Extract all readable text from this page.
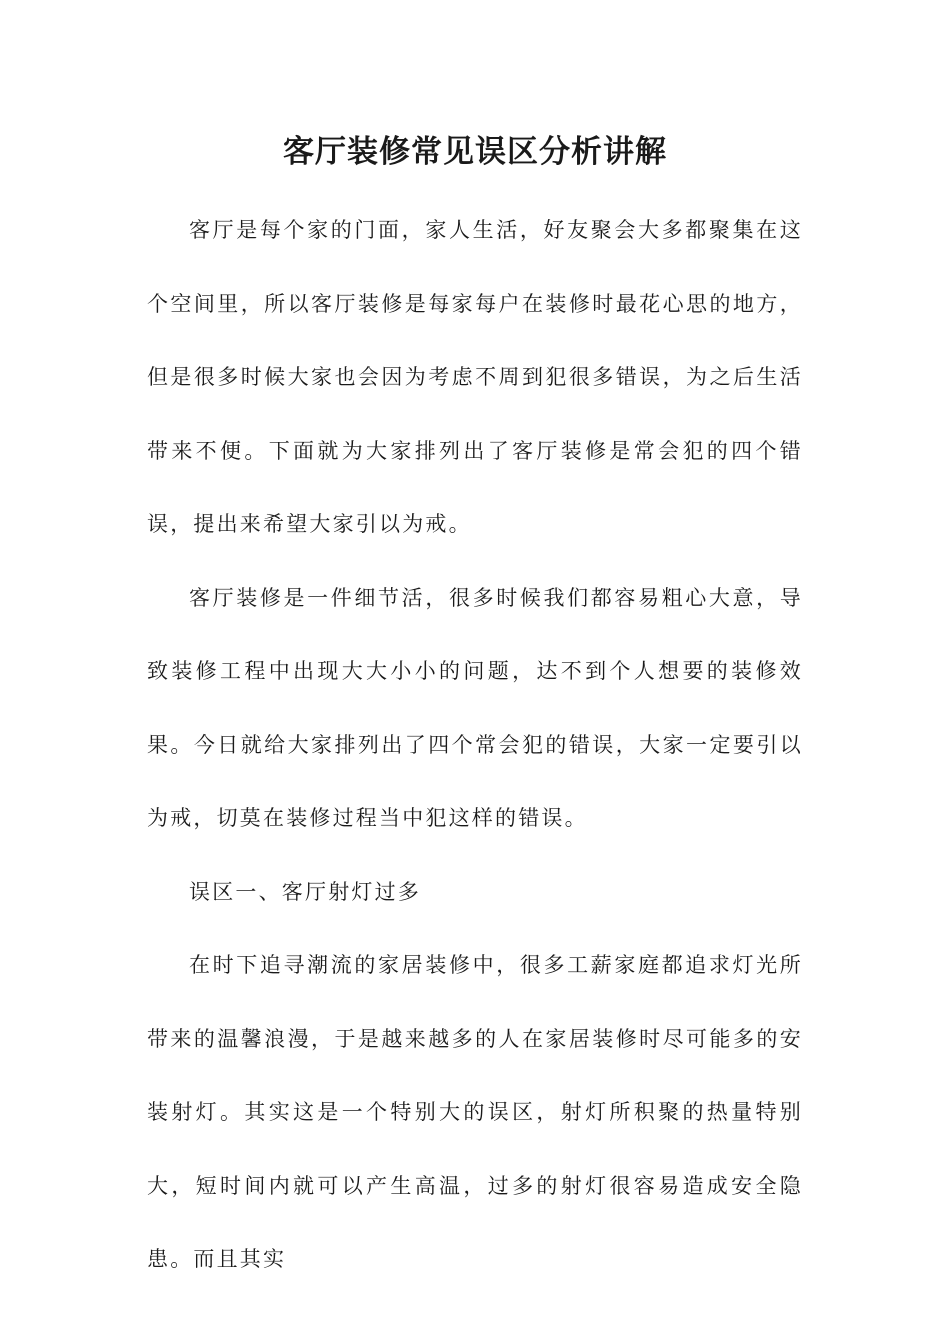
客厅装修常见误区分析讲解

客厅是每个家的门面，家人生活，好友聚会大多都聚集在这个空间里，所以客厅装修是每家每户在装修时最花心思的地方，但是很多时候大家也会因为考虑不周到犯很多错误，为之后生活带来不便。下面就为大家排列出了客厅装修是常会犯的四个错误，提出来希望大家引以为戒。

客厅装修是一件细节活，很多时候我们都容易粗心大意，导致装修工程中出现大大小小的问题，达不到个人想要的装修效果。今日就给大家排列出了四个常会犯的错误，大家一定要引以为戒，切莫在装修过程当中犯这样的错误。

误区一、客厅射灯过多

在时下追寻潮流的家居装修中，很多工薪家庭都追求灯光所带来的温馨浪漫，于是越来越多的人在家居装修时尽可能多的安装射灯。其实这是一个特别大的误区，射灯所积聚的热量特别大，短时间内就可以产生高温，过多的射灯很容易造成安全隐患。而且其实
